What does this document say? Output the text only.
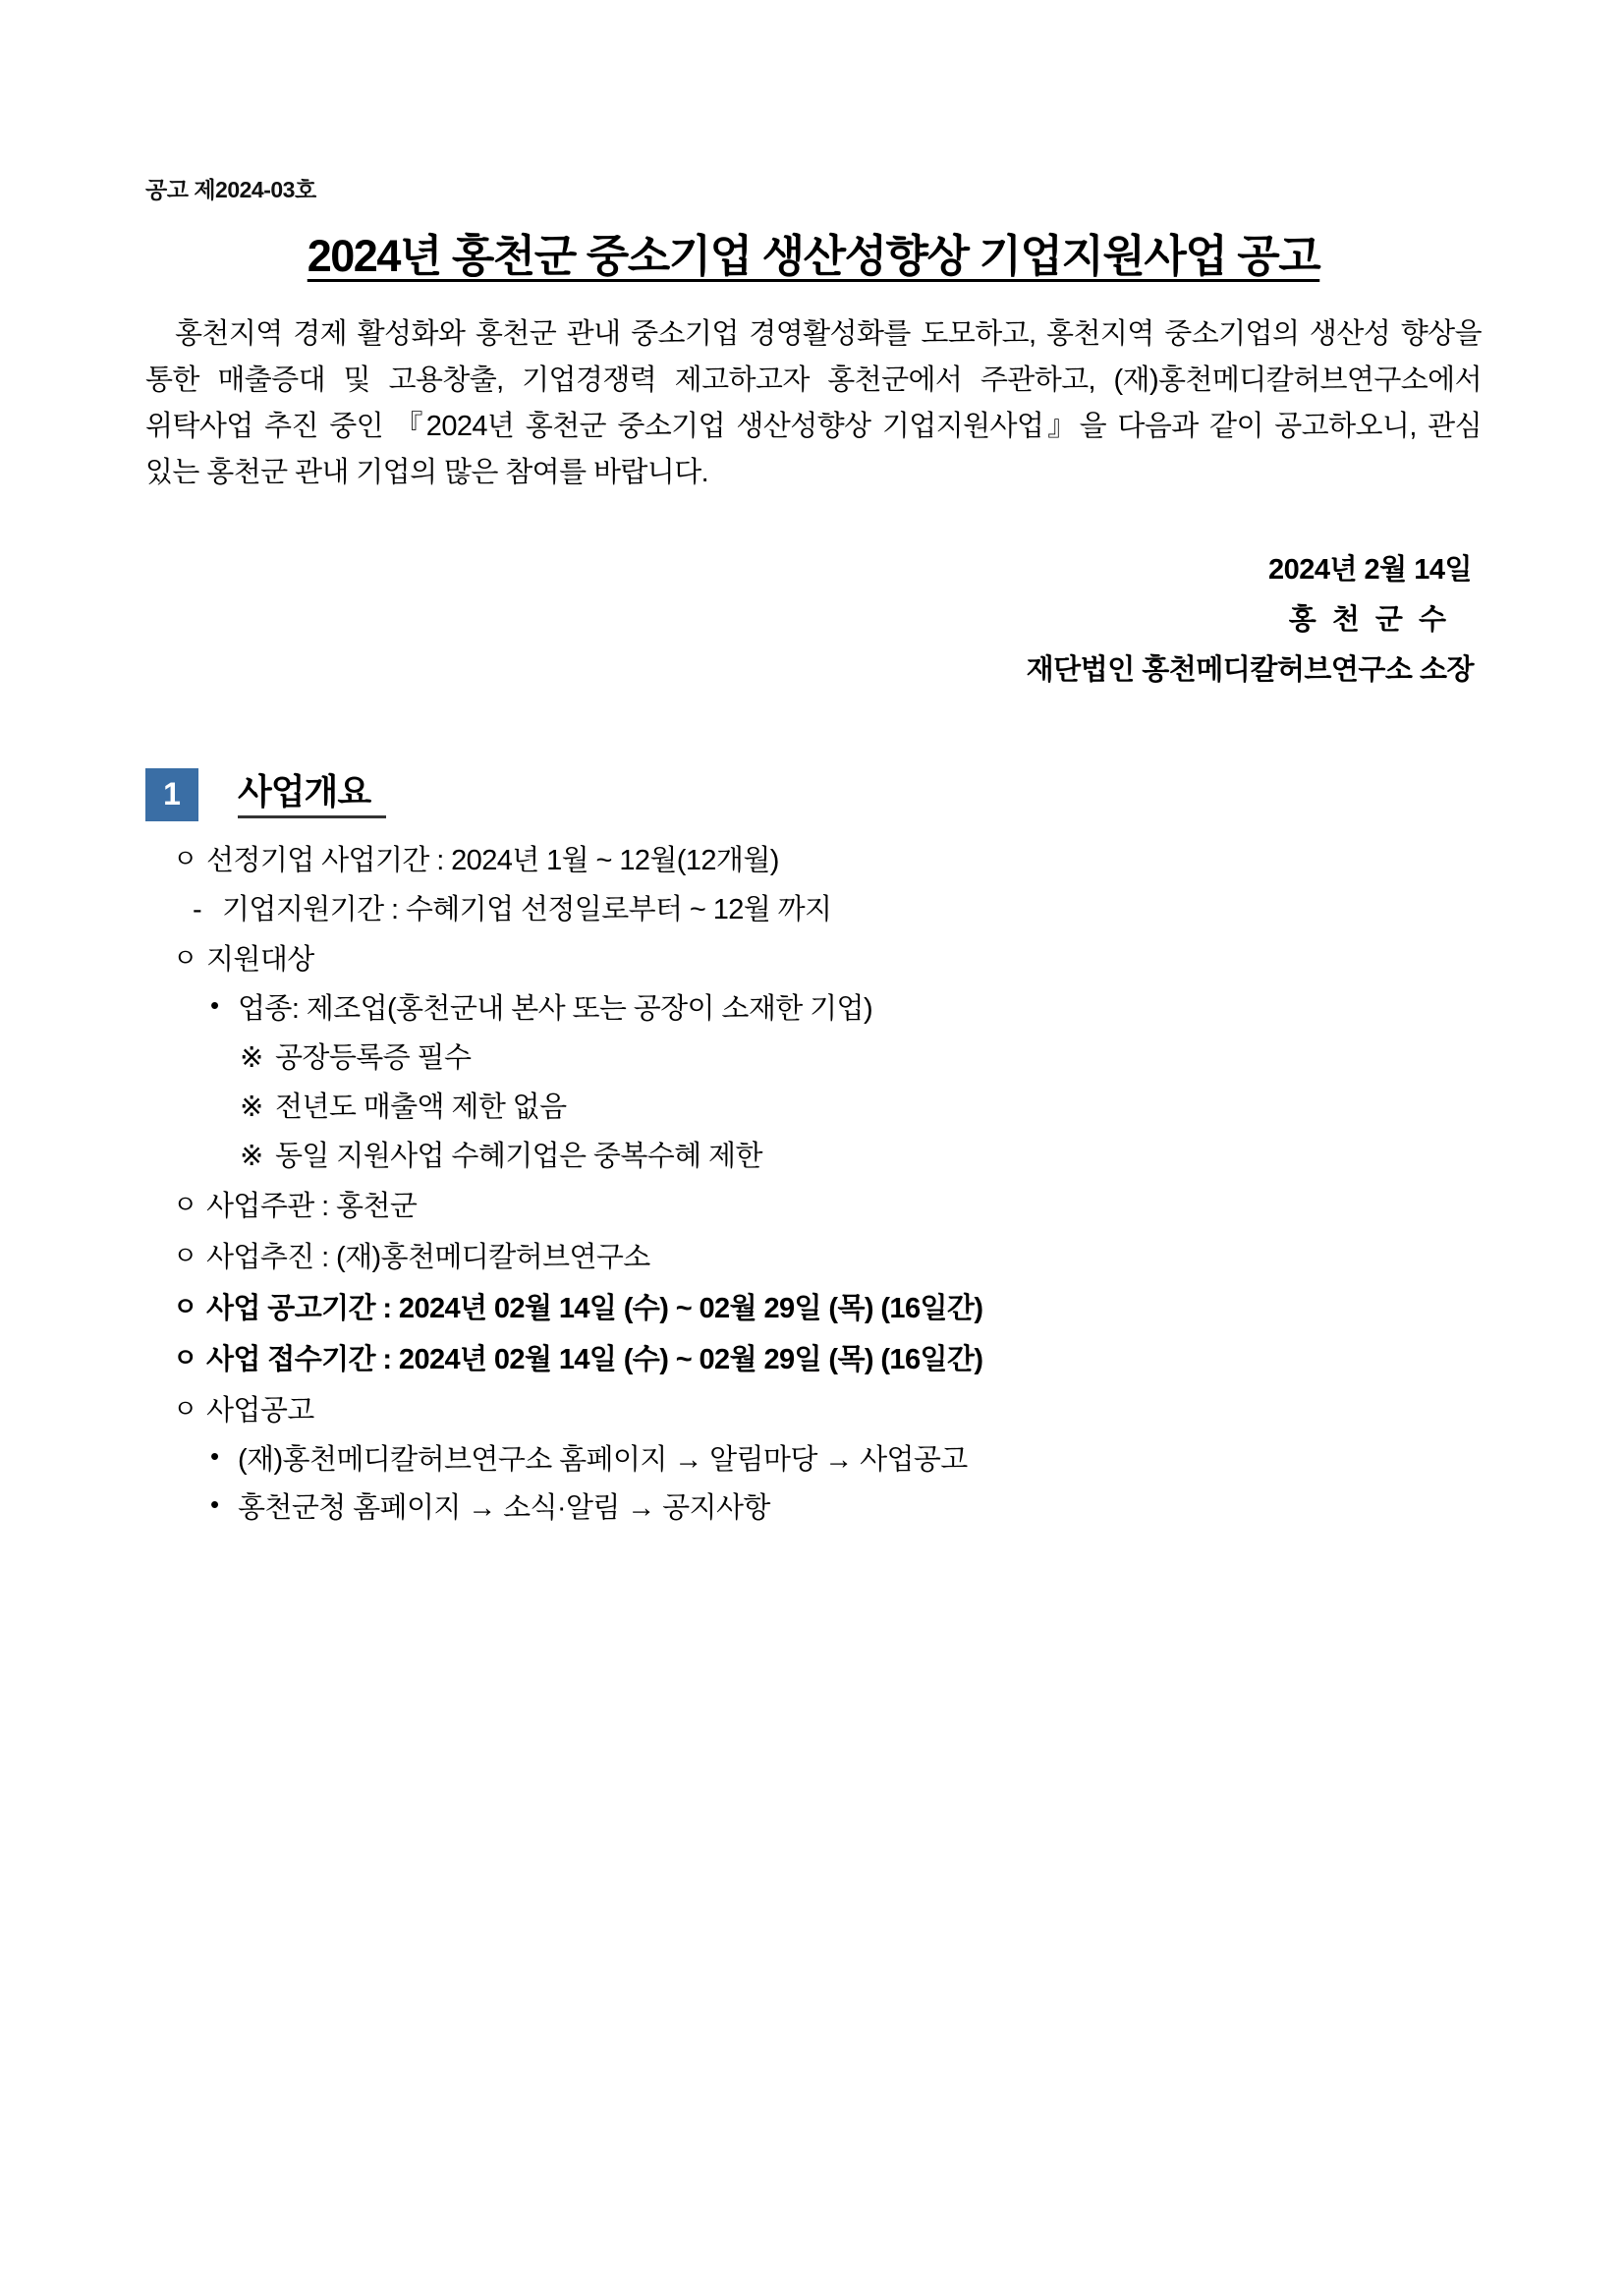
공고 제2024-03호
2024년 홍천군 중소기업 생산성향상 기업지원사업 공고

홍천지역 경제 활성화와 홍천군 관내 중소기업 경영활성화를 도모하고, 홍천지역 중소기업의 생산성 향상을 통한 매출증대 및 고용창출, 기업경쟁력 제고하고자 홍천군에서 주관하고, (재)홍천메디칼허브연구소에서 위탁사업 추진 중인 『2024년 홍천군 중소기업 생산성향상 기업지원사업』을 다음과 같이 공고하오니, 관심 있는 홍천군 관내 기업의 많은 참여를 바랍니다.

2024년 2월 14일
홍 천 군 수
재단법인 홍천메디칼허브연구소 소장
1	사업개요
ㅇ 선정기업 사업기간 : 2024년 1월 ~ 12월(12개월)
- 기업지원기간 : 수혜기업 선정일로부터 ~ 12월 까지
ㅇ 지원대상
• 업종: 제조업(홍천군내 본사 또는 공장이 소재한 기업)
※ 공장등록증 필수
※ 전년도 매출액 제한 없음
※ 동일 지원사업 수혜기업은 중복수혜 제한
ㅇ 사업주관 : 홍천군
ㅇ 사업추진 : (재)홍천메디칼허브연구소
ㅇ 사업 공고기간 : 2024년 02월 14일 (수) ~ 02월 29일 (목) (16일간)
ㅇ 사업 접수기간 : 2024년 02월 14일 (수) ~ 02월 29일 (목) (16일간)
ㅇ 사업공고
• (재)홍천메디칼허브연구소 홈페이지 → 알림마당 → 사업공고
• 홍천군청 홈페이지 → 소식·알림 → 공지사항
